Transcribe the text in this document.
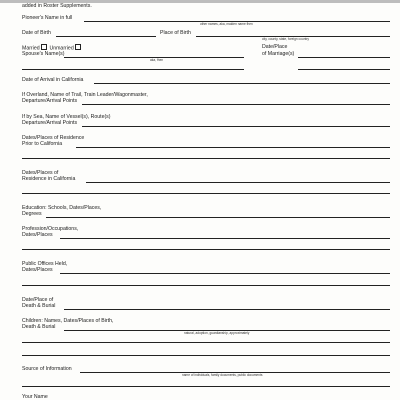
added in Roster Supplements.
Pioneer's Name in full
other names, aka, maiden name fhen
Date of Birth	Place of Birth
city, county, state, foreign country
Married Unmarried
Spouse's Name(s)
aka, fhen
Date/Place
of Marriage(s)
Date of Arrival in California
If Overland, Name of Trail, Train Leader/Wagonmaster,
Departure/Arrival Points
If by Sea, Name of Vessel(s), Route(s)
Departure/Arrival Points
Dates/Places of Residence
Prior to California
Dates/Places of
Residence in California
Education: Schools, Dates/Places,
Degrees
Profession/Occupations,
Dates/Places
Public Offices Held,
Dates/Places
Date/Place of
Death & Burial
Children: Names, Dates/Places of Birth,
Death & Burial
natural, adoption, guardianship, approximately
Source of Information
name of individuals, family documents, public documents
Your Name
